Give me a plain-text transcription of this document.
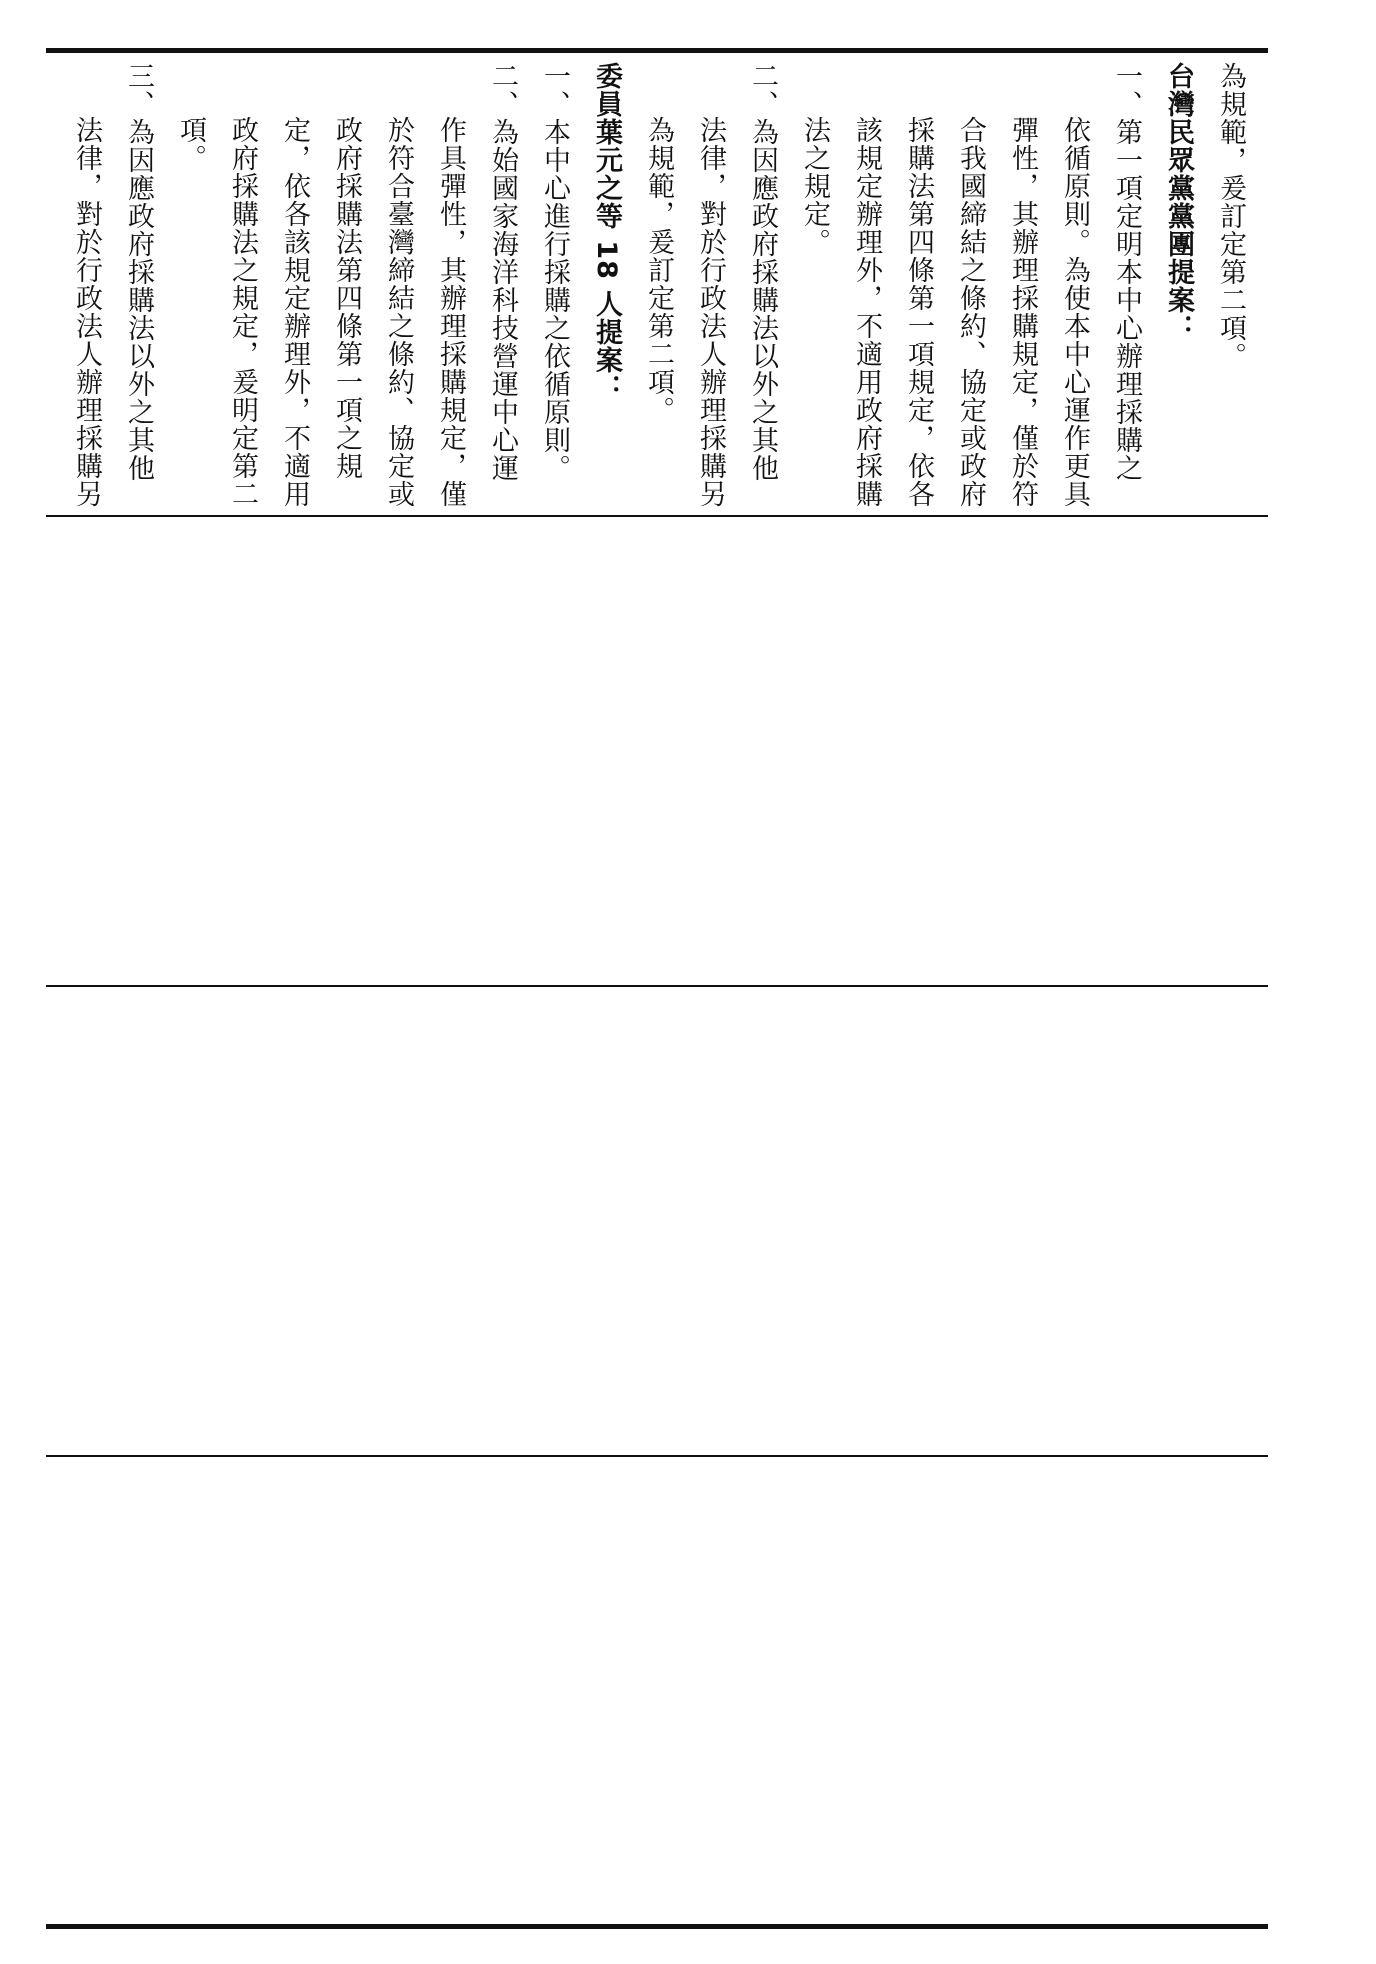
為規範，爰訂定第二項。

台灣民眾黨黨團提案：

一、第一項定明本中心辦理採購之

依循原則。為使本中心運作更具

彈性，其辦理採購規定，僅於符

合我國締結之條約、協定或政府

採購法第四條第一項規定，依各

該規定辦理外，不適用政府採購

法之規定。

二、為因應政府採購法以外之其他

法律，對於行政法人辦理採購另

為規範，爰訂定第二項。

委員葉元之等 18 人提案：

一、本中心進行採購之依循原則。

二、為始國家海洋科技營運中心運

作具彈性，其辦理採購規定，僅

於符合臺灣締結之條約、協定或

政府採購法第四條第一項之規

定，依各該規定辦理外，不適用

政府採購法之規定，爰明定第二

項。

三、為因應政府採購法以外之其他

法律，對於行政法人辦理採購另
